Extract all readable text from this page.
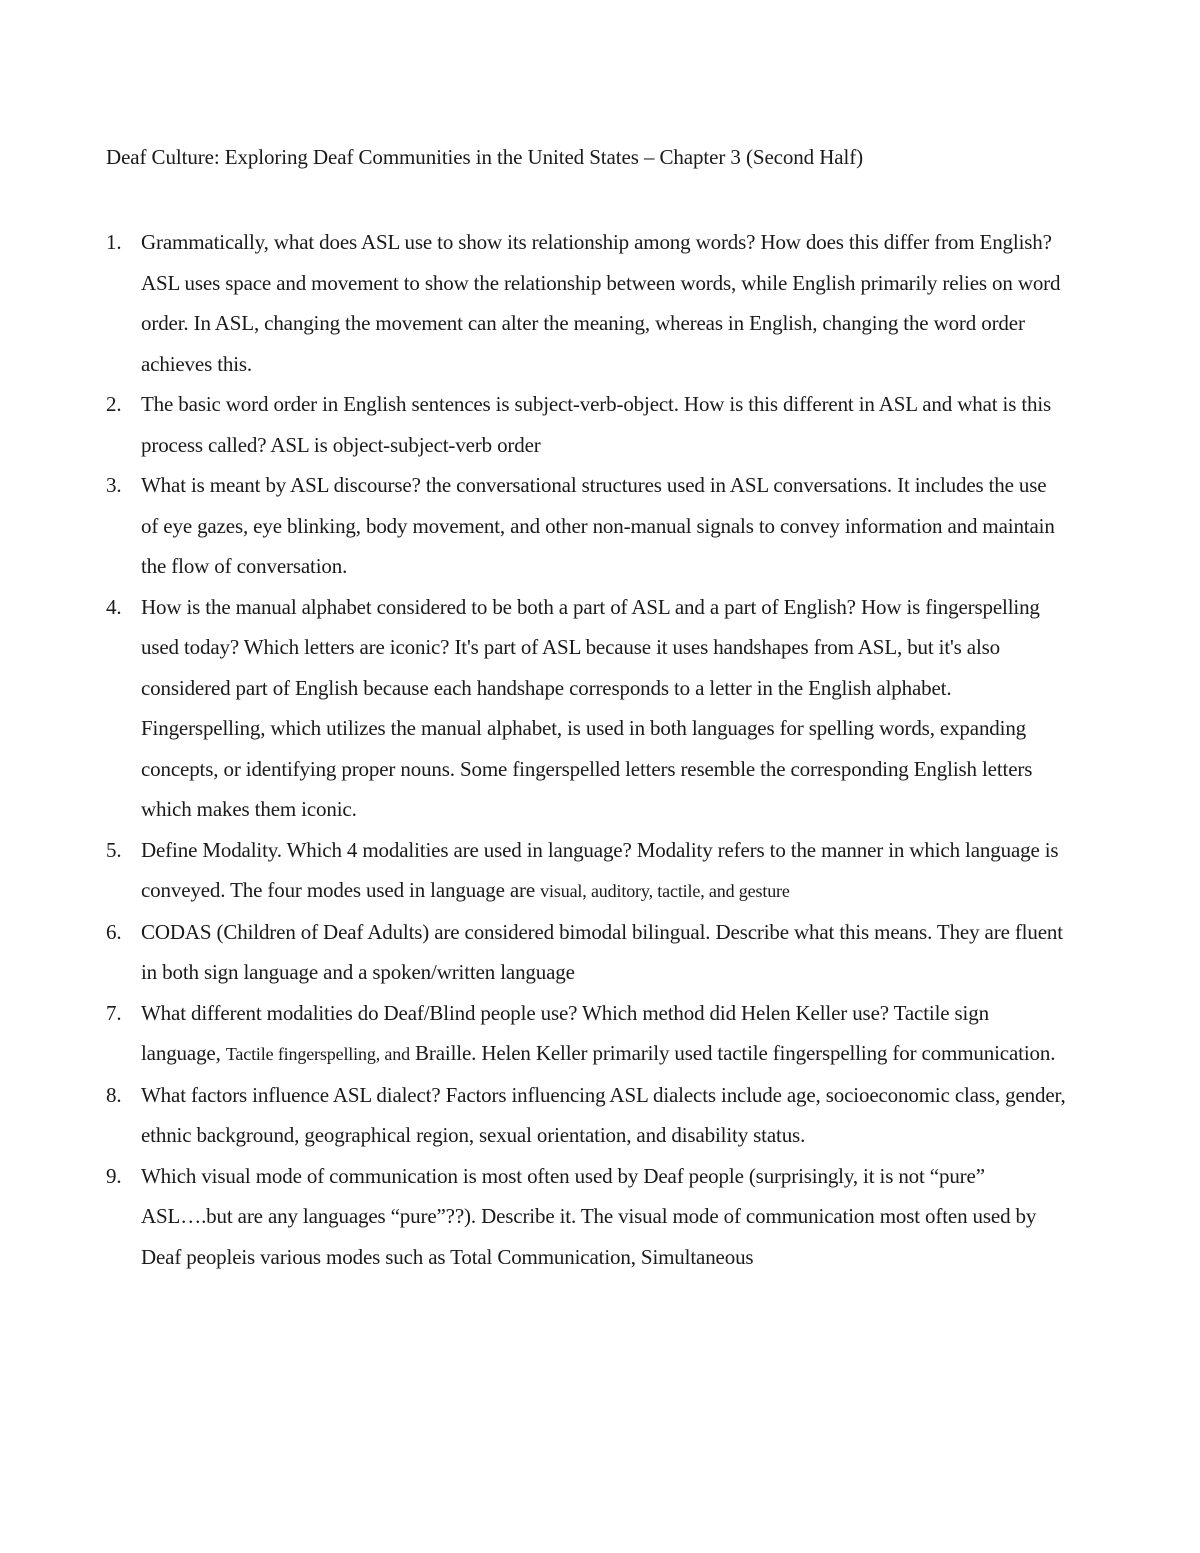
Deaf Culture: Exploring Deaf Communities in the United States – Chapter 3 (Second Half)
1. Grammatically, what does ASL use to show its relationship among words? How does this differ from English? ASL uses space and movement to show the relationship between words, while English primarily relies on word order. In ASL, changing the movement can alter the meaning, whereas in English, changing the word order achieves this.
2. The basic word order in English sentences is subject-verb-object. How is this different in ASL and what is this process called? ASL is object-subject-verb order
3. What is meant by ASL discourse? the conversational structures used in ASL conversations. It includes the use of eye gazes, eye blinking, body movement, and other non-manual signals to convey information and maintain the flow of conversation.
4. How is the manual alphabet considered to be both a part of ASL and a part of English? How is fingerspelling used today? Which letters are iconic? It's part of ASL because it uses handshapes from ASL, but it's also considered part of English because each handshape corresponds to a letter in the English alphabet. Fingerspelling, which utilizes the manual alphabet, is used in both languages for spelling words, expanding concepts, or identifying proper nouns. Some fingerspelled letters resemble the corresponding English letters which makes them iconic.
5. Define Modality. Which 4 modalities are used in language? Modality refers to the manner in which language is conveyed. The four modes used in language are visual, auditory, tactile, and gesture
6. CODAS (Children of Deaf Adults) are considered bimodal bilingual. Describe what this means. They are fluent in both sign language and a spoken/written language
7. What different modalities do Deaf/Blind people use? Which method did Helen Keller use? Tactile sign language, Tactile fingerspelling, and Braille. Helen Keller primarily used tactile fingerspelling for communication.
8. What factors influence ASL dialect? Factors influencing ASL dialects include age, socioeconomic class, gender, ethnic background, geographical region, sexual orientation, and disability status.
9. Which visual mode of communication is most often used by Deaf people (surprisingly, it is not “pure” ASL….but are any languages “pure”??). Describe it. The visual mode of communication most often used by Deaf peopleis various modes such as Total Communication, Simultaneous
